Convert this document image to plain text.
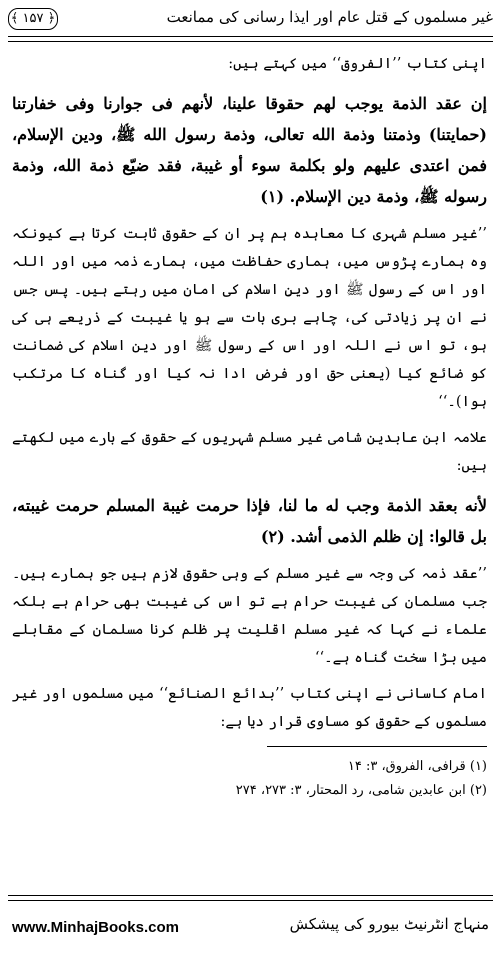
غیر مسلموں کے قتلِ عام اور ایذا رسانی کی ممانعت
﴿ ۱۵۷ ﴾

اپنی کتاب ’’الفروق‘‘ میں کہتے ہیں:

إن عقد الذمة يوجب لهم حقوقا علينا، لأنهم فى جوارنا وفى خفارتنا (حمايتنا) وذمتنا وذمة الله تعالى، وذمة رسول الله ﷺ، ودين الإسلام، فمن اعتدى عليهم ولو بكلمة سوء أو غيبة، فقد ضيّع ذمة الله، وذمة رسوله ﷺ، وذمة دين الإسلام. (۱)

’’غیر مسلم شہری کا معاہدہ ہم پر ان کے حقوق ثابت کرتا ہے کیونکہ وہ ہمارے پڑوس میں، ہماری حفاظت میں، ہمارے ذمہ میں اور اللہ اور اس کے رسول ﷺ اور دینِ اسلام کی امان میں رہتے ہیں۔ پس جس نے ان پر زیادتی کی، چاہے بری بات سے ہو یا غیبت کے ذریعے ہی کی ہو، تو اس نے اللہ اور اس کے رسول ﷺ اور دین اسلام کی ضمانت کو ضائع کیا (یعنی حق اور فرض ادا نہ کیا اور گناہ کا مرتکب ہوا)۔‘‘

علامہ ابن عابدین شامی غیر مسلم شہریوں کے حقوق کے بارے میں لکھتے ہیں:

لأنه بعقد الذمة وجب له ما لنا، فإذا حرمت غيبة المسلم حرمت غيبته، بل قالوا: إن ظلم الذمى أشد. (۲)

’’عقد ذمہ کی وجہ سے غیر مسلم کے وہی حقوق لازم ہیں جو ہمارے ہیں۔ جب مسلمان کی غیبت حرام ہے تو اس کی غیبت بھی حرام ہے بلکہ علماء نے کہا کہ غیر مسلم اقلیت پر ظلم کرنا مسلمان کے مقابلے میں بڑا سخت گناہ ہے۔‘‘

امام کاسانی نے اپنی کتاب ’’بدائع الصنائع‘‘ میں مسلموں اور غیر مسلموں کے حقوق کو مساوی قرار دیا ہے:

(۱) قرافی، الفروق، ۳: ۱۴

(۲) ابن عابدین شامی، رد المحتار، ۳: ۲۷۳، ۲۷۴

www.MinhajBooks.com	منہاج انٹرنیٹ بیورو کی پیشکش
